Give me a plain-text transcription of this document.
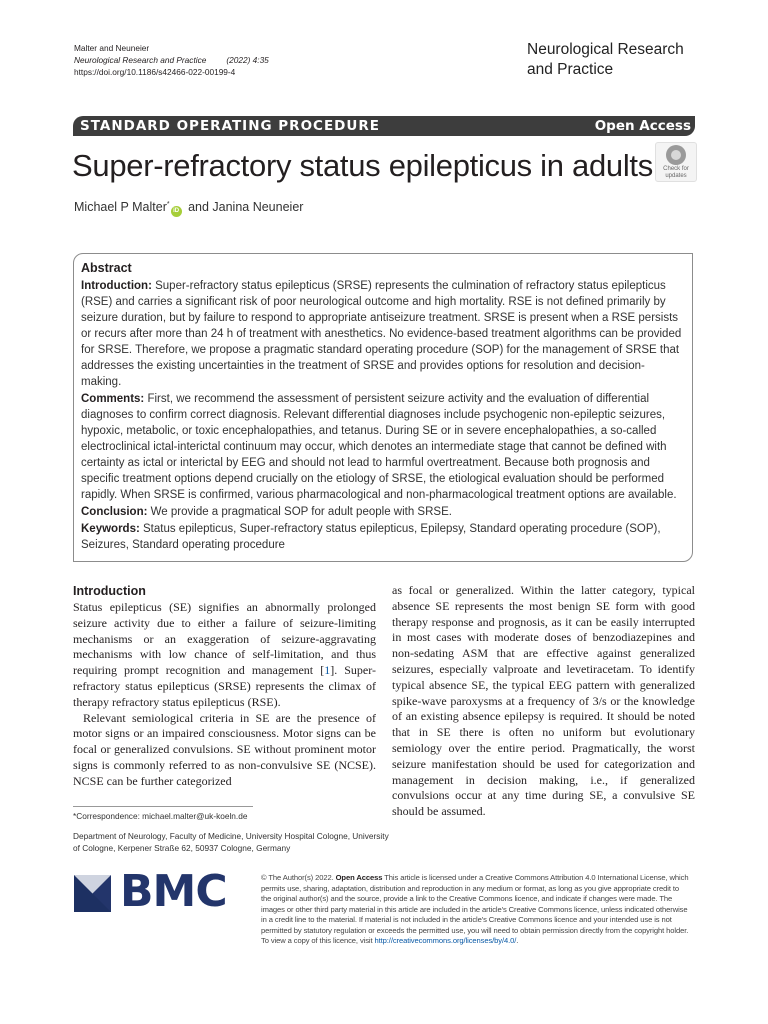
Malter and Neuneier
Neurological Research and Practice (2022) 4:35
https://doi.org/10.1186/s42466-022-00199-4
Neurological Research
and Practice
STANDARD OPERATING PROCEDURE	Open Access
Super-refractory status epilepticus in adults	Check for
updates
Michael P Malter*iD and Janina Neuneier

Abstract

Introduction: Super-refractory status epilepticus (SRSE) represents the culmination of refractory status epilepticus (RSE) and carries a significant risk of poor neurological outcome and high mortality. RSE is not defined primarily by seizure duration, but by failure to respond to appropriate antiseizure treatment. SRSE is present when a RSE persists or recurs after more than 24 h of treatment with anesthetics. No evidence-based treatment algorithms can be provided for SRSE. Therefore, we propose a pragmatic standard operating procedure (SOP) for the management of SRSE that addresses the existing uncertainties in the treatment of SRSE and provides options for resolution and decision-making.

Comments: First, we recommend the assessment of persistent seizure activity and the evaluation of differential diagnoses to confirm correct diagnosis. Relevant differential diagnoses include psychogenic non-epileptic seizures, hypoxic, metabolic, or toxic encephalopathies, and tetanus. During SE or in severe encephalopathies, a so-called electroclinical ictal-interictal continuum may occur, which denotes an intermediate stage that cannot be defined with certainty as ictal or interictal by EEG and should not lead to harmful overtreatment. Because both prognosis and specific treatment options depend crucially on the etiology of SRSE, the etiological evaluation should be performed rapidly. When SRSE is confirmed, various pharmacological and non-pharmacological treatment options are available.

Conclusion: We provide a pragmatical SOP for adult people with SRSE.

Keywords: Status epilepticus, Super-refractory status epilepticus, Epilepsy, Standard operating procedure (SOP), Seizures, Standard operating procedure

Introduction

Status epilepticus (SE) signifies an abnormally prolonged seizure activity due to either a failure of seizure-limiting mechanisms or an exaggeration of seizure-aggravating mechanisms with low chance of self-limitation, and thus requiring prompt recognition and management [1]. Super-refractory status epilepticus (SRSE) represents the climax of therapy refractory status epilepticus (RSE).

Relevant semiological criteria in SE are the presence of motor signs or an impaired consciousness. Motor signs can be focal or generalized convulsions. SE without prominent motor signs is commonly referred to as non-convulsive SE (NCSE). NCSE can be further categorized

as focal or generalized. Within the latter category, typical absence SE represents the most benign SE form with good therapy response and prognosis, as it can be easily interrupted in most cases with moderate doses of benzodiazepines and non-sedating ASM that are effective against generalized seizures, especially valproate and levetiracetam. To identify typical absence SE, the typical EEG pattern with generalized spike-wave paroxysms at a frequency of 3/s or the knowledge of an existing absence epilepsy is required. It should be noted that in SE there is often no uniform but evolutionary semiology over the entire period. Pragmatically, the worst seizure manifestation should be used for categorization and management in decision making, i.e., if generalized convulsions occur at any time during SE, a convulsive SE should be assumed.

*Correspondence: michael.malter@uk-koeln.de
Department of Neurology, Faculty of Medicine, University Hospital Cologne, University of Cologne, Kerpener Straße 62, 50937 Cologne, Germany
BMC	© The Author(s) 2022. Open Access This article is licensed under a Creative Commons Attribution 4.0 International License, which permits use, sharing, adaptation, distribution and reproduction in any medium or format, as long as you give appropriate credit to the original author(s) and the source, provide a link to the Creative Commons licence, and indicate if changes were made. The images or other third party material in this article are included in the article's Creative Commons licence, unless indicated otherwise in a credit line to the material. If material is not included in the article's Creative Commons licence and your intended use is not permitted by statutory regulation or exceeds the permitted use, you will need to obtain permission directly from the copyright holder. To view a copy of this licence, visit http://creativecommons.org/licenses/by/4.0/.
